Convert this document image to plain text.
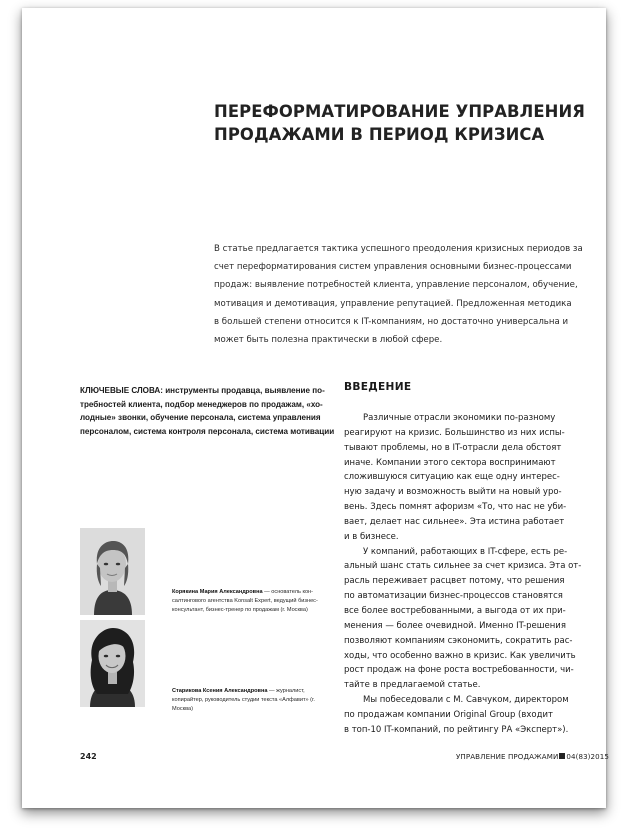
ПЕРЕФОРМАТИРОВАНИЕ УПРАВЛЕНИЯ
ПРОДАЖАМИ В ПЕРИОД КРИЗИСА
В статье предлагается тактика успешного преодоления кризисных периодов за
счет переформатирования систем управления основными бизнес-процессами
продаж: выявление потребностей клиента, управление персоналом, обучение,
мотивация и демотивация, управление репутацией. Предложенная методика
в большей степени относится к IT-компаниям, но достаточно универсальна и
может быть полезна практически в любой сфере.
КЛЮЧЕВЫЕ СЛОВА: инструменты продавца, выявление по-
требностей клиента, подбор менеджеров по продажам, «хо-
лодные» звонки, обучение персонала, система управления
персоналом, система контроля персонала, система мотивации
ВВЕДЕНИЕ
Различные отрасли экономики по-разному
реагируют на кризис. Большинство из них испы-
тывают проблемы, но в IT-отрасли дела обстоят
иначе. Компании этого сектора воспринимают
сложившуюся ситуацию как еще одну интерес-
ную задачу и возможность выйти на новый уро-
вень. Здесь помнят афоризм «То, что нас не уби-
вает, делает нас сильнее». Эта истина работает
и в бизнесе.
У компаний, работающих в IT-сфере, есть ре-
альный шанс стать сильнее за счет кризиса. Эта от-
расль переживает расцвет потому, что решения
по автоматизации бизнес-процессов становятся
все более востребованными, а выгода от их при-
менения — более очевидной. Именно IT-решения
позволяют компаниям сэкономить, сократить рас-
ходы, что особенно важно в кризис. Как увеличить
рост продаж на фоне роста востребованности, чи-
тайте в предлагаемой статье.
Мы побеседовали с М. Савчуком, директором
по продажам компании Original Group (входит
в топ-10 IT-компаний, по рейтингу РА «Эксперт»).
Корякина Мария Александровна — основатель кон-салтингового агентства Konsalt Expert, ведущий бизнес-консультант, бизнес-тренер по продажам (г. Москва)
Старикова Ксения Александровна — журналист, копирайтер, руководитель студии текста «Алфавит» (г. Москва)
242	УПРАВЛЕНИЕ ПРОДАЖАМИ 04(83)2015
